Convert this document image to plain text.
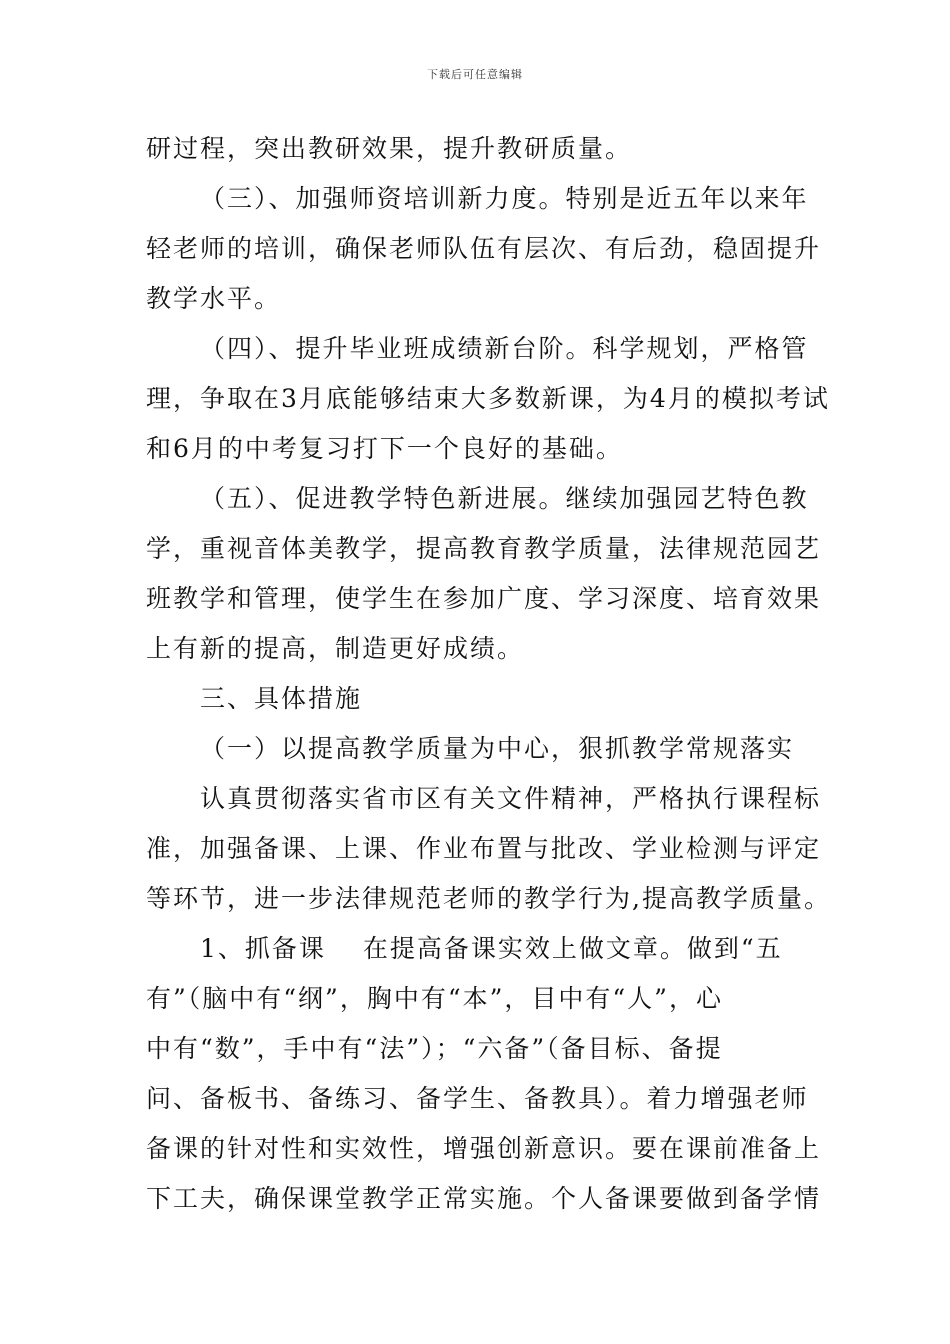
下载后可任意编辑
研过程，突出教研效果，提升教研质量。
（三）、加强师资培训新力度。特别是近五年以来年
轻老师的培训，确保老师队伍有层次、有后劲，稳固提升
教学水平。
（四）、提升毕业班成绩新台阶。科学规划，严格管
理，争取在3月底能够结束大多数新课，为4月的模拟考试
和6月的中考复习打下一个良好的基础。
（五）、促进教学特色新进展。继续加强园艺特色教
学，重视音体美教学，提高教育教学质量，法律规范园艺
班教学和管理，使学生在参加广度、学习深度、培育效果
上有新的提高，制造更好成绩。
三、具体措施
（一）以提高教学质量为中心，狠抓教学常规落实
认真贯彻落实省市区有关文件精神，严格执行课程标
准，加强备课、上课、作业布置与批改、学业检测与评定
等环节，进一步法律规范老师的教学行为,提高教学质量。
1、抓备课　 在提高备课实效上做文章。做到“五
有”（脑中有“纲”，胸中有“本”，目中有“人”，心
中有“数”，手中有“法”）；“六备”（备目标、备提
问、备板书、备练习、备学生、备教具）。着力增强老师
备课的针对性和实效性，增强创新意识。要在课前准备上
下工夫，确保课堂教学正常实施。个人备课要做到备学情
